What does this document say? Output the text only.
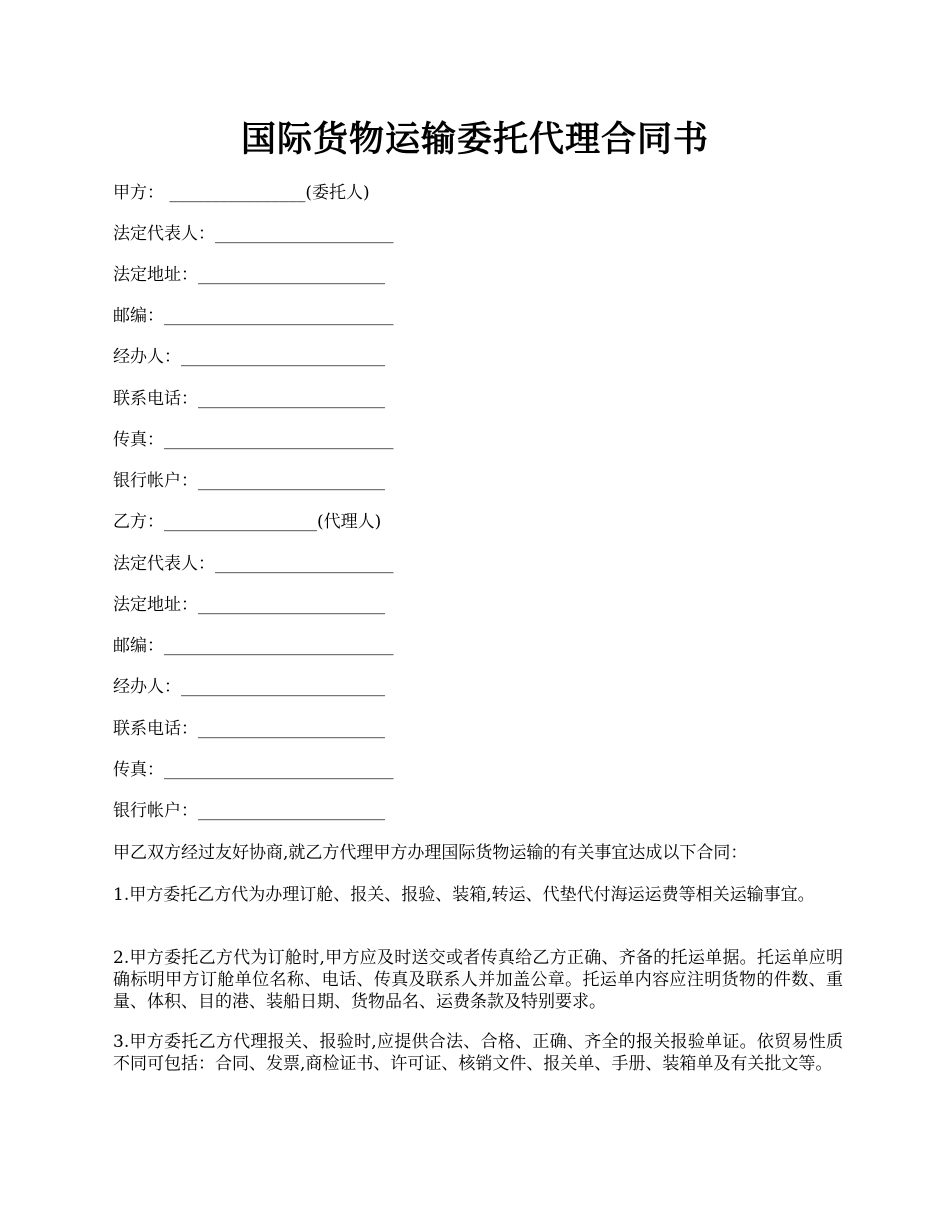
国际货物运输委托代理合同书
甲方： ________________(委托人)
法定代表人：_____________________
法定地址：______________________
邮编：___________________________
经办人：________________________
联系电话：______________________
传真：___________________________
银行帐户：______________________
乙方：__________________(代理人)
法定代表人：_____________________
法定地址：______________________
邮编：___________________________
经办人：________________________
联系电话：______________________
传真：___________________________
银行帐户：______________________

甲乙双方经过友好协商,就乙方代理甲方办理国际货物运输的有关事宜达成以下合同：

1.甲方委托乙方代为办理订舱、报关、报验、装箱,转运、代垫代付海运运费等相关运输事宜。

2.甲方委托乙方代为订舱时,甲方应及时送交或者传真给乙方正确、齐备的托运单据。托运单应明确标明甲方订舱单位名称、电话、传真及联系人并加盖公章。托运单内容应注明货物的件数、重量、体积、目的港、装船日期、货物品名、运费条款及特别要求。

3.甲方委托乙方代理报关、报验时,应提供合法、合格、正确、齐全的报关报验单证。依贸易性质不同可包括：合同、发票,商检证书、许可证、核销文件、报关单、手册、装箱单及有关批文等。
